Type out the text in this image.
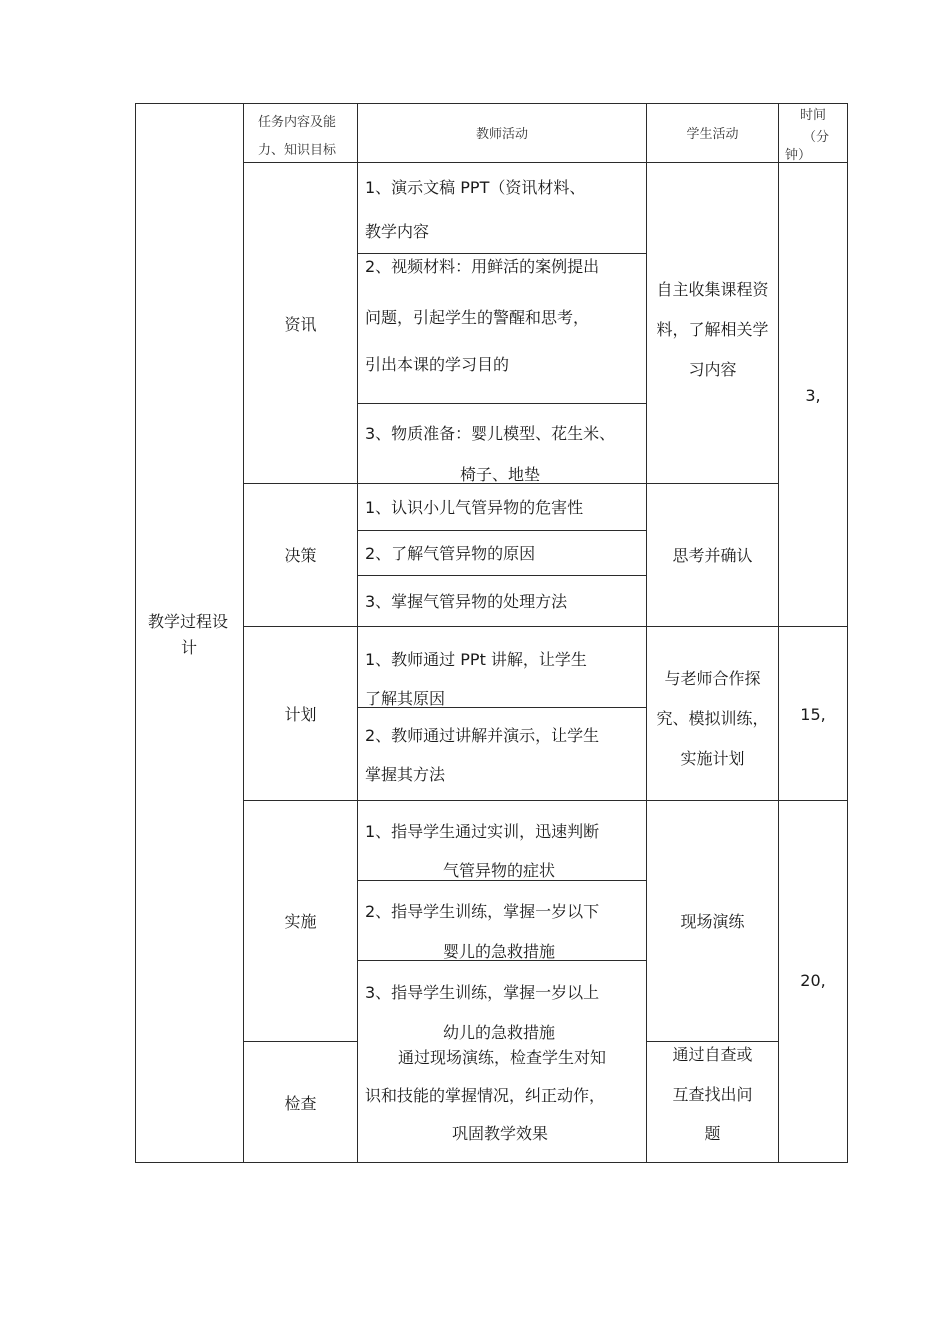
任务内容及能
力、知识目标
教师活动	学生活动
时间
（分
钟）
教学过程设
计
资讯
1、演示文稿 PPT（资讯材料、
教学内容
2、视频材料：用鲜活的案例提出
问题，引起学生的警醒和思考，
引出本课的学习目的
3、物质准备：婴儿模型、花生米、
椅子、地垫
自主收集课程资
料，了解相关学
习内容
决策
1、认识小儿气管异物的危害性
2、了解气管异物的原因
3、掌握气管异物的处理方法
思考并确认
3,
计划
1、教师通过 PPt 讲解，让学生
了解其原因
2、教师通过讲解并演示，让学生
掌握其方法
与老师合作探
究、模拟训练，
实施计划
15,
实施
1、指导学生通过实训，迅速判断
气管异物的症状
2、指导学生训练，掌握一岁以下
婴儿的急救措施
3、指导学生训练，掌握一岁以上
幼儿的急救措施
现场演练
20,
检查
通过现场演练，检查学生对知
识和技能的掌握情况，纠正动作，
巩固教学效果
通过自查或
互查找出问
题
